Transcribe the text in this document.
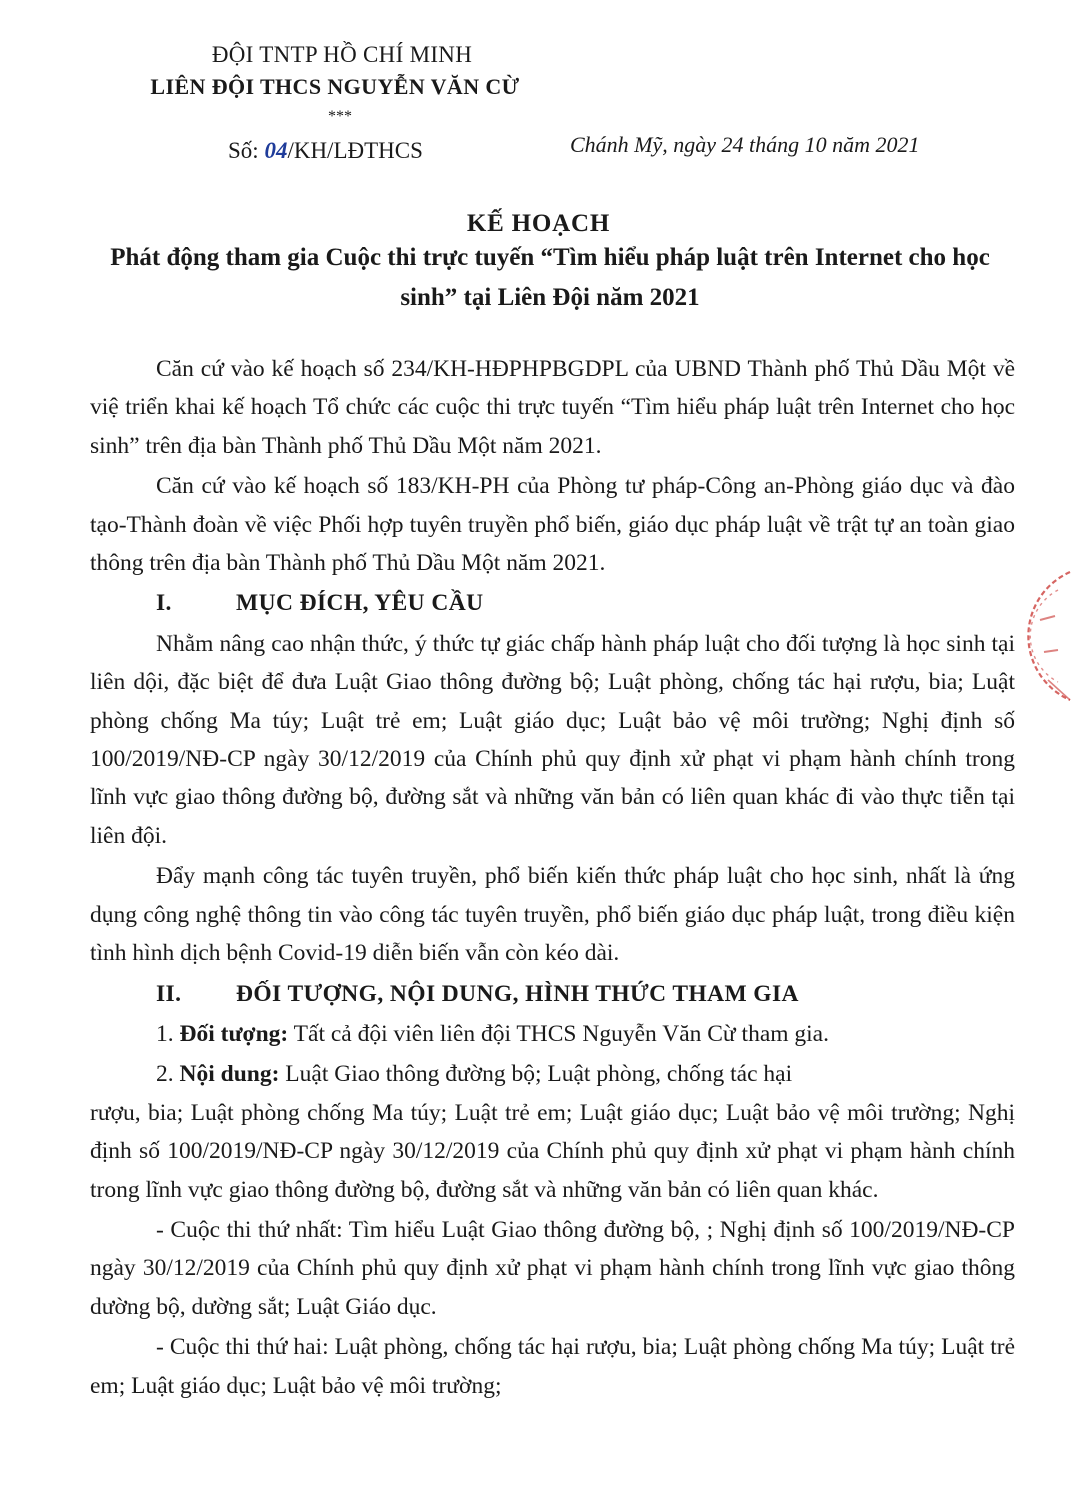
ĐỘI TNTP HỒ CHÍ MINH
LIÊN ĐỘI THCS NGUYỄN VĂN CỪ
***
Số: 04/KH/LĐTHCS	Chánh Mỹ, ngày 24 tháng 10 năm 2021
KẾ HOẠCH
Phát động tham gia Cuộc thi trực tuyến “Tìm hiểu pháp luật trên Internet cho học sinh” tại Liên Đội năm 2021

Căn cứ vào kế hoạch số 234/KH-HĐPHPBGDPL của UBND Thành phố Thủ Dầu Một về việ triển khai kế hoạch Tổ chức các cuộc thi trực tuyến “Tìm hiểu pháp luật trên Internet cho học sinh” trên địa bàn Thành phố Thủ Dầu Một năm 2021.

Căn cứ vào kế hoạch số 183/KH-PH của Phòng tư pháp-Công an-Phòng giáo dục và đào tạo-Thành đoàn về việc Phối hợp tuyên truyền phổ biến, giáo dục pháp luật về trật tự an toàn giao thông trên địa bàn Thành phố Thủ Dầu Một năm 2021.

I.	MỤC ĐÍCH, YÊU CẦU

Nhằm nâng cao nhận thức, ý thức tự giác chấp hành pháp luật cho đối tượng là học sinh tại liên dội, đặc biệt để đưa Luật Giao thông đường bộ; Luật phòng, chống tác hại rượu, bia; Luật phòng chống Ma túy; Luật trẻ em; Luật giáo dục; Luật bảo vệ môi trường; Nghị định số 100/2019/NĐ-CP ngày 30/12/2019 của Chính phủ quy định xử phạt vi phạm hành chính trong lĩnh vực giao thông đường bộ, đường sắt và những văn bản có liên quan khác đi vào thực tiễn tại liên đội.

Đẩy mạnh công tác tuyên truyền, phổ biến kiến thức pháp luật cho học sinh, nhất là ứng dụng công nghệ thông tin vào công tác tuyên truyền, phổ biến giáo dục pháp luật, trong điều kiện tình hình dịch bệnh Covid-19 diễn biến vẫn còn kéo dài.

II. ĐỐI TƯỢNG, NỘI DUNG, HÌNH THỨC THAM GIA

1. Đối tượng: Tất cả đội viên liên đội THCS Nguyễn Văn Cừ tham gia.

2. Nội dung: Luật Giao thông đường bộ; Luật phòng, chống tác hại
rượu, bia; Luật phòng chống Ma túy; Luật trẻ em; Luật giáo dục; Luật bảo vệ môi trường; Nghị định số 100/2019/NĐ-CP ngày 30/12/2019 của Chính phủ quy định xử phạt vi phạm hành chính trong lĩnh vực giao thông đường bộ, đường sắt và những văn bản có liên quan khác.

- Cuộc thi thứ nhất: Tìm hiểu Luật Giao thông đường bộ, ; Nghị định số 100/2019/NĐ-CP ngày 30/12/2019 của Chính phủ quy định xử phạt vi phạm hành chính trong lĩnh vực giao thông dường bộ, dường sắt; Luật Giáo dục.

- Cuộc thi thứ hai: Luật phòng, chống tác hại rượu, bia; Luật phòng chống Ma túy; Luật trẻ em; Luật giáo dục; Luật bảo vệ môi trường;
